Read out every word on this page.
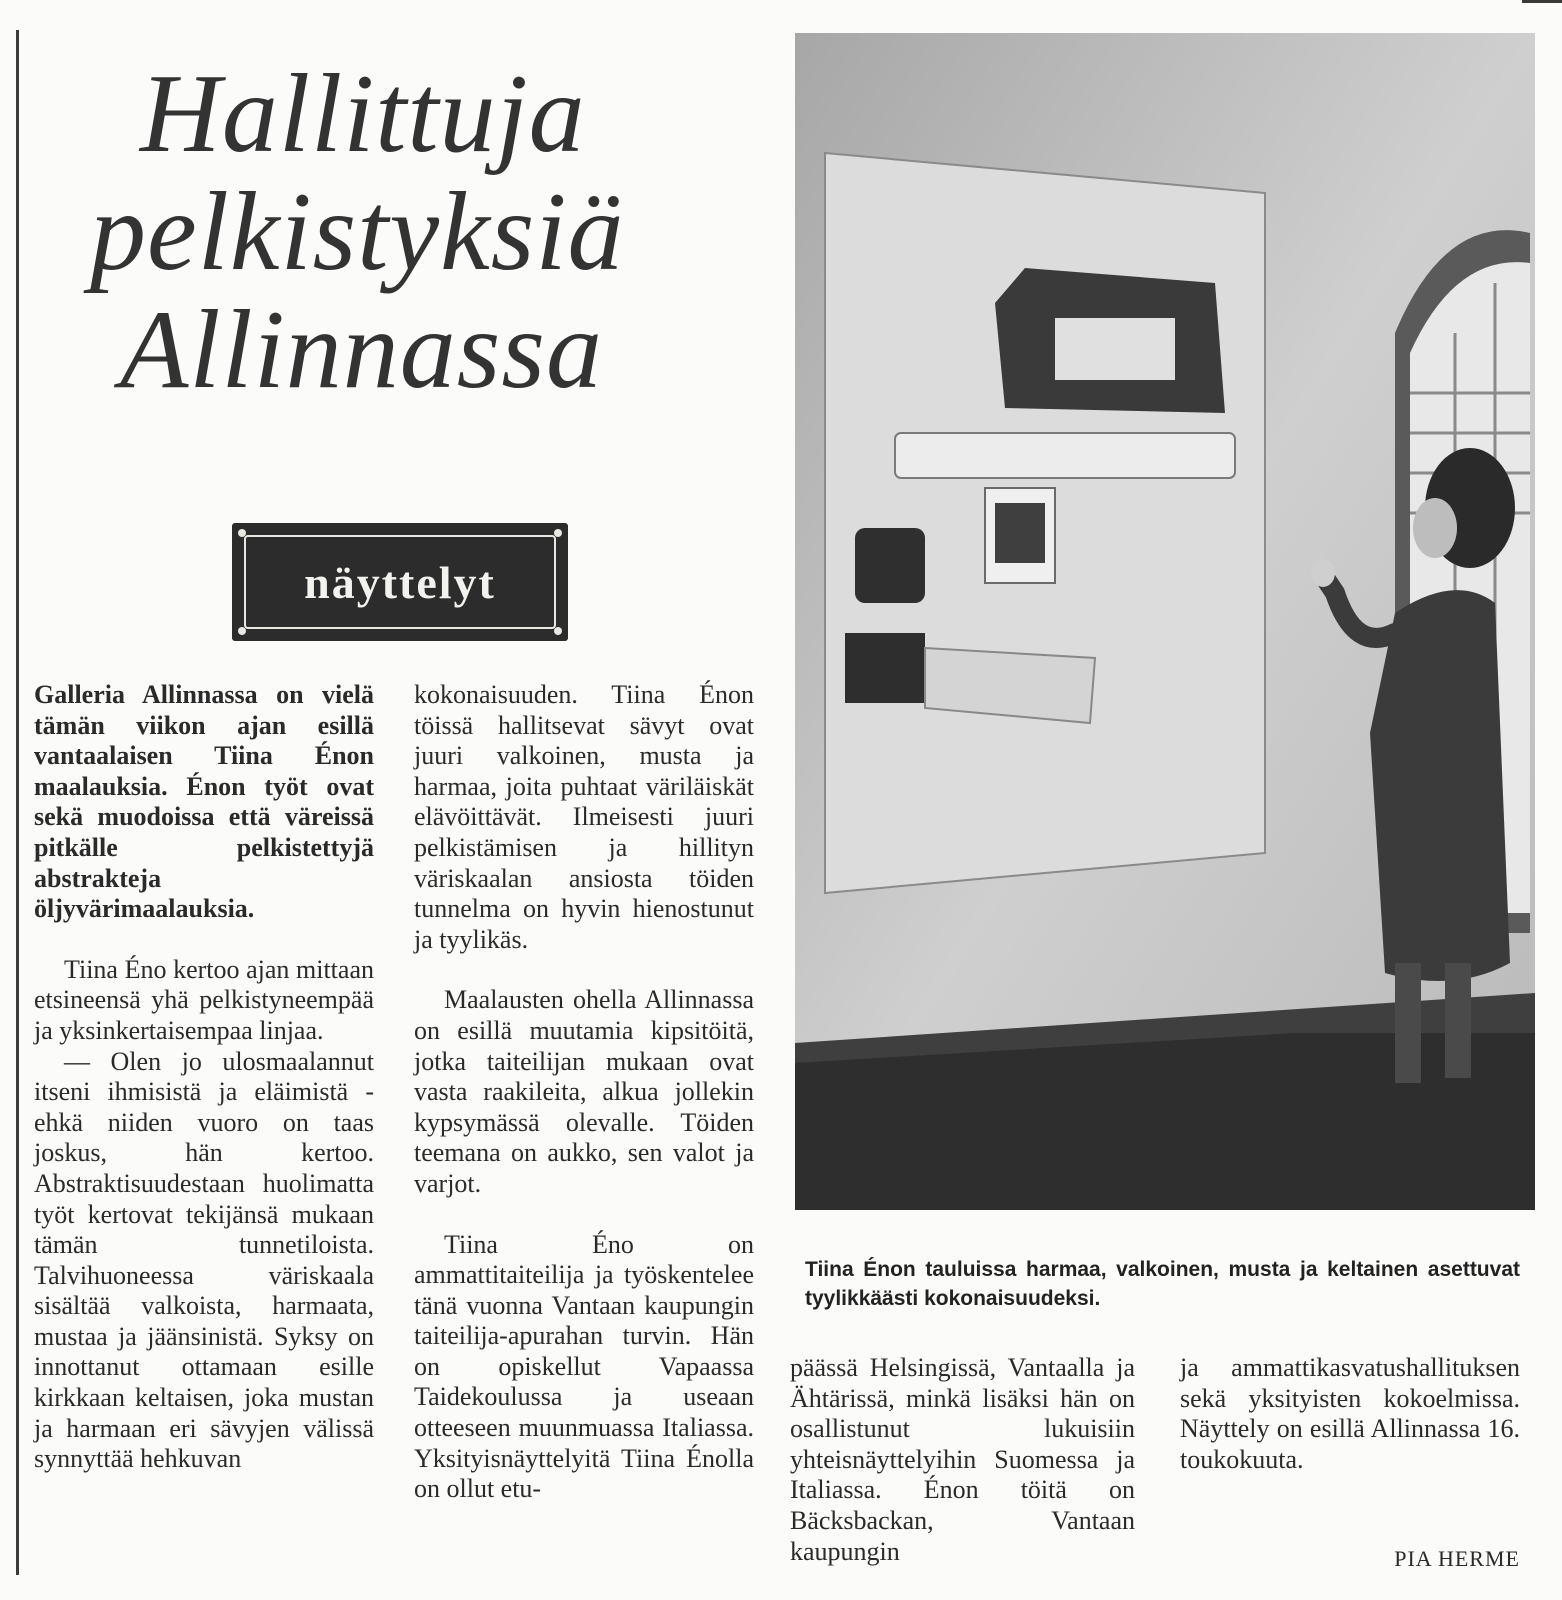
Hallittuja
pelkistyksiä
Allinnassa
näyttelyt

Galleria Allinnassa on vielä tämän viikon ajan esillä vantaalaisen Tiina Énon maalauksia. Énon työt ovat sekä muodoissa että väreissä pitkälle pelkistettyjä abstrakteja öljyvärimaalauksia.

Tiina Éno kertoo ajan mittaan etsineensä yhä pelkistyneempää ja yksinkertaisempaa linjaa.

— Olen jo ulosmaalannut itseni ihmisistä ja eläimistä - ehkä niiden vuoro on taas joskus, hän kertoo. Abstraktisuudestaan huolimatta työt kertovat tekijänsä mukaan tämän tunnetiloista. Talvihuoneessa väriskaala sisältää valkoista, harmaata, mustaa ja jäänsinistä. Syksy on innottanut ottamaan esille kirkkaan keltaisen, joka mustan ja harmaan eri sävyjen välissä synnyttää hehkuvan

kokonaisuuden. Tiina Énon töissä hallitsevat sävyt ovat juuri valkoinen, musta ja harmaa, joita puhtaat väriläiskät elävöittävät. Ilmeisesti juuri pelkistämisen ja hillityn väriskaalan ansiosta töiden tunnelma on hyvin hienostunut ja tyylikäs.

Maalausten ohella Allinnassa on esillä muutamia kipsitöitä, jotka taiteilijan mukaan ovat vasta raakileita, alkua jollekin kypsymässä olevalle. Töiden teemana on aukko, sen valot ja varjot.

Tiina Éno on ammattitaiteilija ja työskentelee tänä vuonna Vantaan kaupungin taiteilija-apurahan turvin. Hän on opiskellut Vapaassa Taidekoulussa ja useaan otteeseen muunmuassa Italiassa. Yksityisnäyttelyitä Tiina Énolla on ollut etu-

Tiina Énon tauluissa harmaa, valkoinen, musta ja keltainen asettuvat tyylikkäästi kokonaisuudeksi.

päässä Helsingissä, Vantaalla ja Ähtärissä, minkä lisäksi hän on osallistunut lukuisiin yhteisnäyttelyihin Suomessa ja Italiassa. Énon töitä on Bäcksbackan, Vantaan kaupungin

ja ammattikasvatushallituksen sekä yksityisten kokoelmissa. Näyttely on esillä Allinnassa 16. toukokuuta.

PIA HERME
